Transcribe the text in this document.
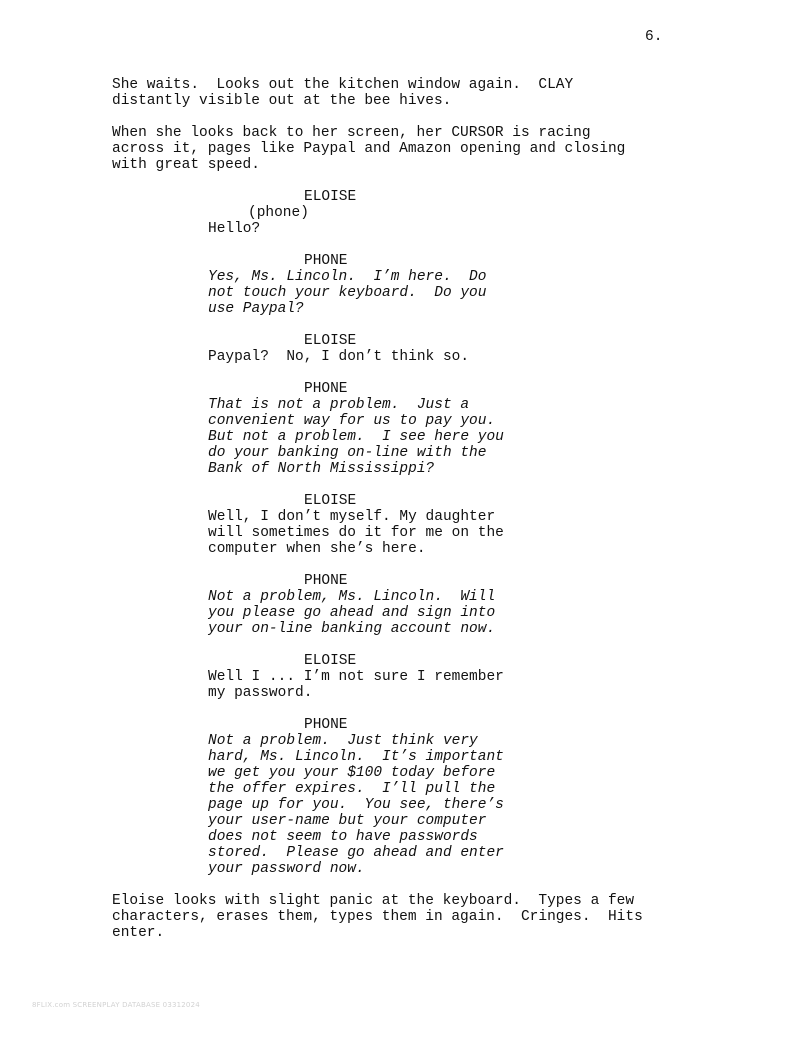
6.
She waits.  Looks out the kitchen window again.  CLAY
distantly visible out at the bee hives.
When she looks back to her screen, her CURSOR is racing
across it, pages like Paypal and Amazon opening and closing
with great speed.
ELOISE
(phone)
Hello?
PHONE
Yes, Ms. Lincoln.  I’m here.  Do
not touch your keyboard.  Do you
use Paypal?
ELOISE
Paypal?  No, I don’t think so.
PHONE
That is not a problem.  Just a
convenient way for us to pay you.
But not a problem.  I see here you
do your banking on-line with the
Bank of North Mississippi?
ELOISE
Well, I don’t myself. My daughter
will sometimes do it for me on the
computer when she’s here.
PHONE
Not a problem, Ms. Lincoln.  Will
you please go ahead and sign into
your on-line banking account now.
ELOISE
Well I ... I’m not sure I remember
my password.
PHONE
Not a problem.  Just think very
hard, Ms. Lincoln.  It’s important
we get you your $100 today before
the offer expires.  I’ll pull the
page up for you.  You see, there’s
your user-name but your computer
does not seem to have passwords
stored.  Please go ahead and enter
your password now.
Eloise looks with slight panic at the keyboard.  Types a few
characters, erases them, types them in again.  Cringes.  Hits
enter.
8FLIX.com SCREENPLAY DATABASE 03312024
